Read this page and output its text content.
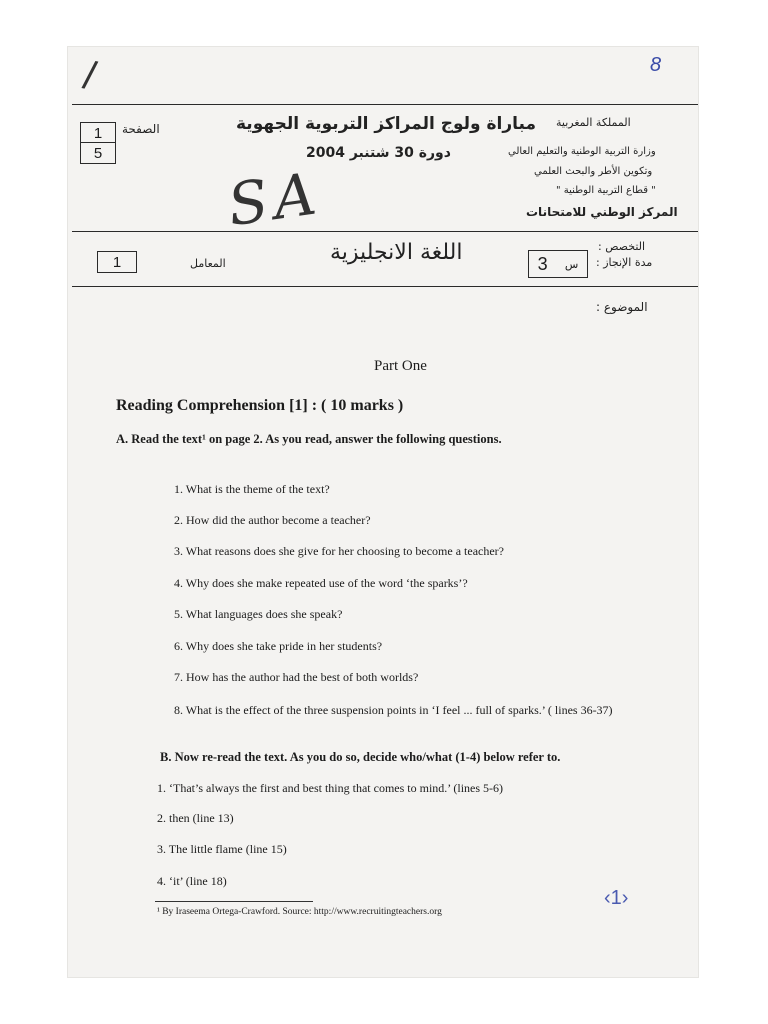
/	8
1
5
الصفحة	مباراة ولوج المراكز التربوية الجهوية
دورة 30 شتنبر 2004
المملكة المغربية
وزارة التربية الوطنية والتعليم العالي
وتكوين الأطر والبحث العلمي
" قطاع التربية الوطنية "
المركز الوطني للامتحانات
SA
1	المعامل	اللغة الانجليزية	3 س
التخصص :
مدة الإنجاز :
الموضوع :
Part One
Reading Comprehension [1] : ( 10 marks )
A. Read the text¹ on page 2. As you read, answer the following questions.
1. What is the theme of the text?
2. How did the author become a teacher?
3. What reasons does she give for her choosing to become a teacher?
4. Why does she make repeated use of the word ‘the sparks’?
5. What languages does she speak?
6. Why does she take pride in her students?
7. How has the author had the best of both worlds?
8. What is the effect of the three suspension points in ‘I feel ... full of sparks.’ ( lines 36-37)
B. Now re-read the text. As you do so, decide who/what (1-4) below refer to.
1. ‘That’s always the first and best thing that comes to mind.’ (lines 5-6)
2. then (line 13)
3. The little flame (line 15)
4. ‘it’ (line 18)
¹ By Iraseema Ortega-Crawford. Source: http://www.recruitingteachers.org
‹1›
